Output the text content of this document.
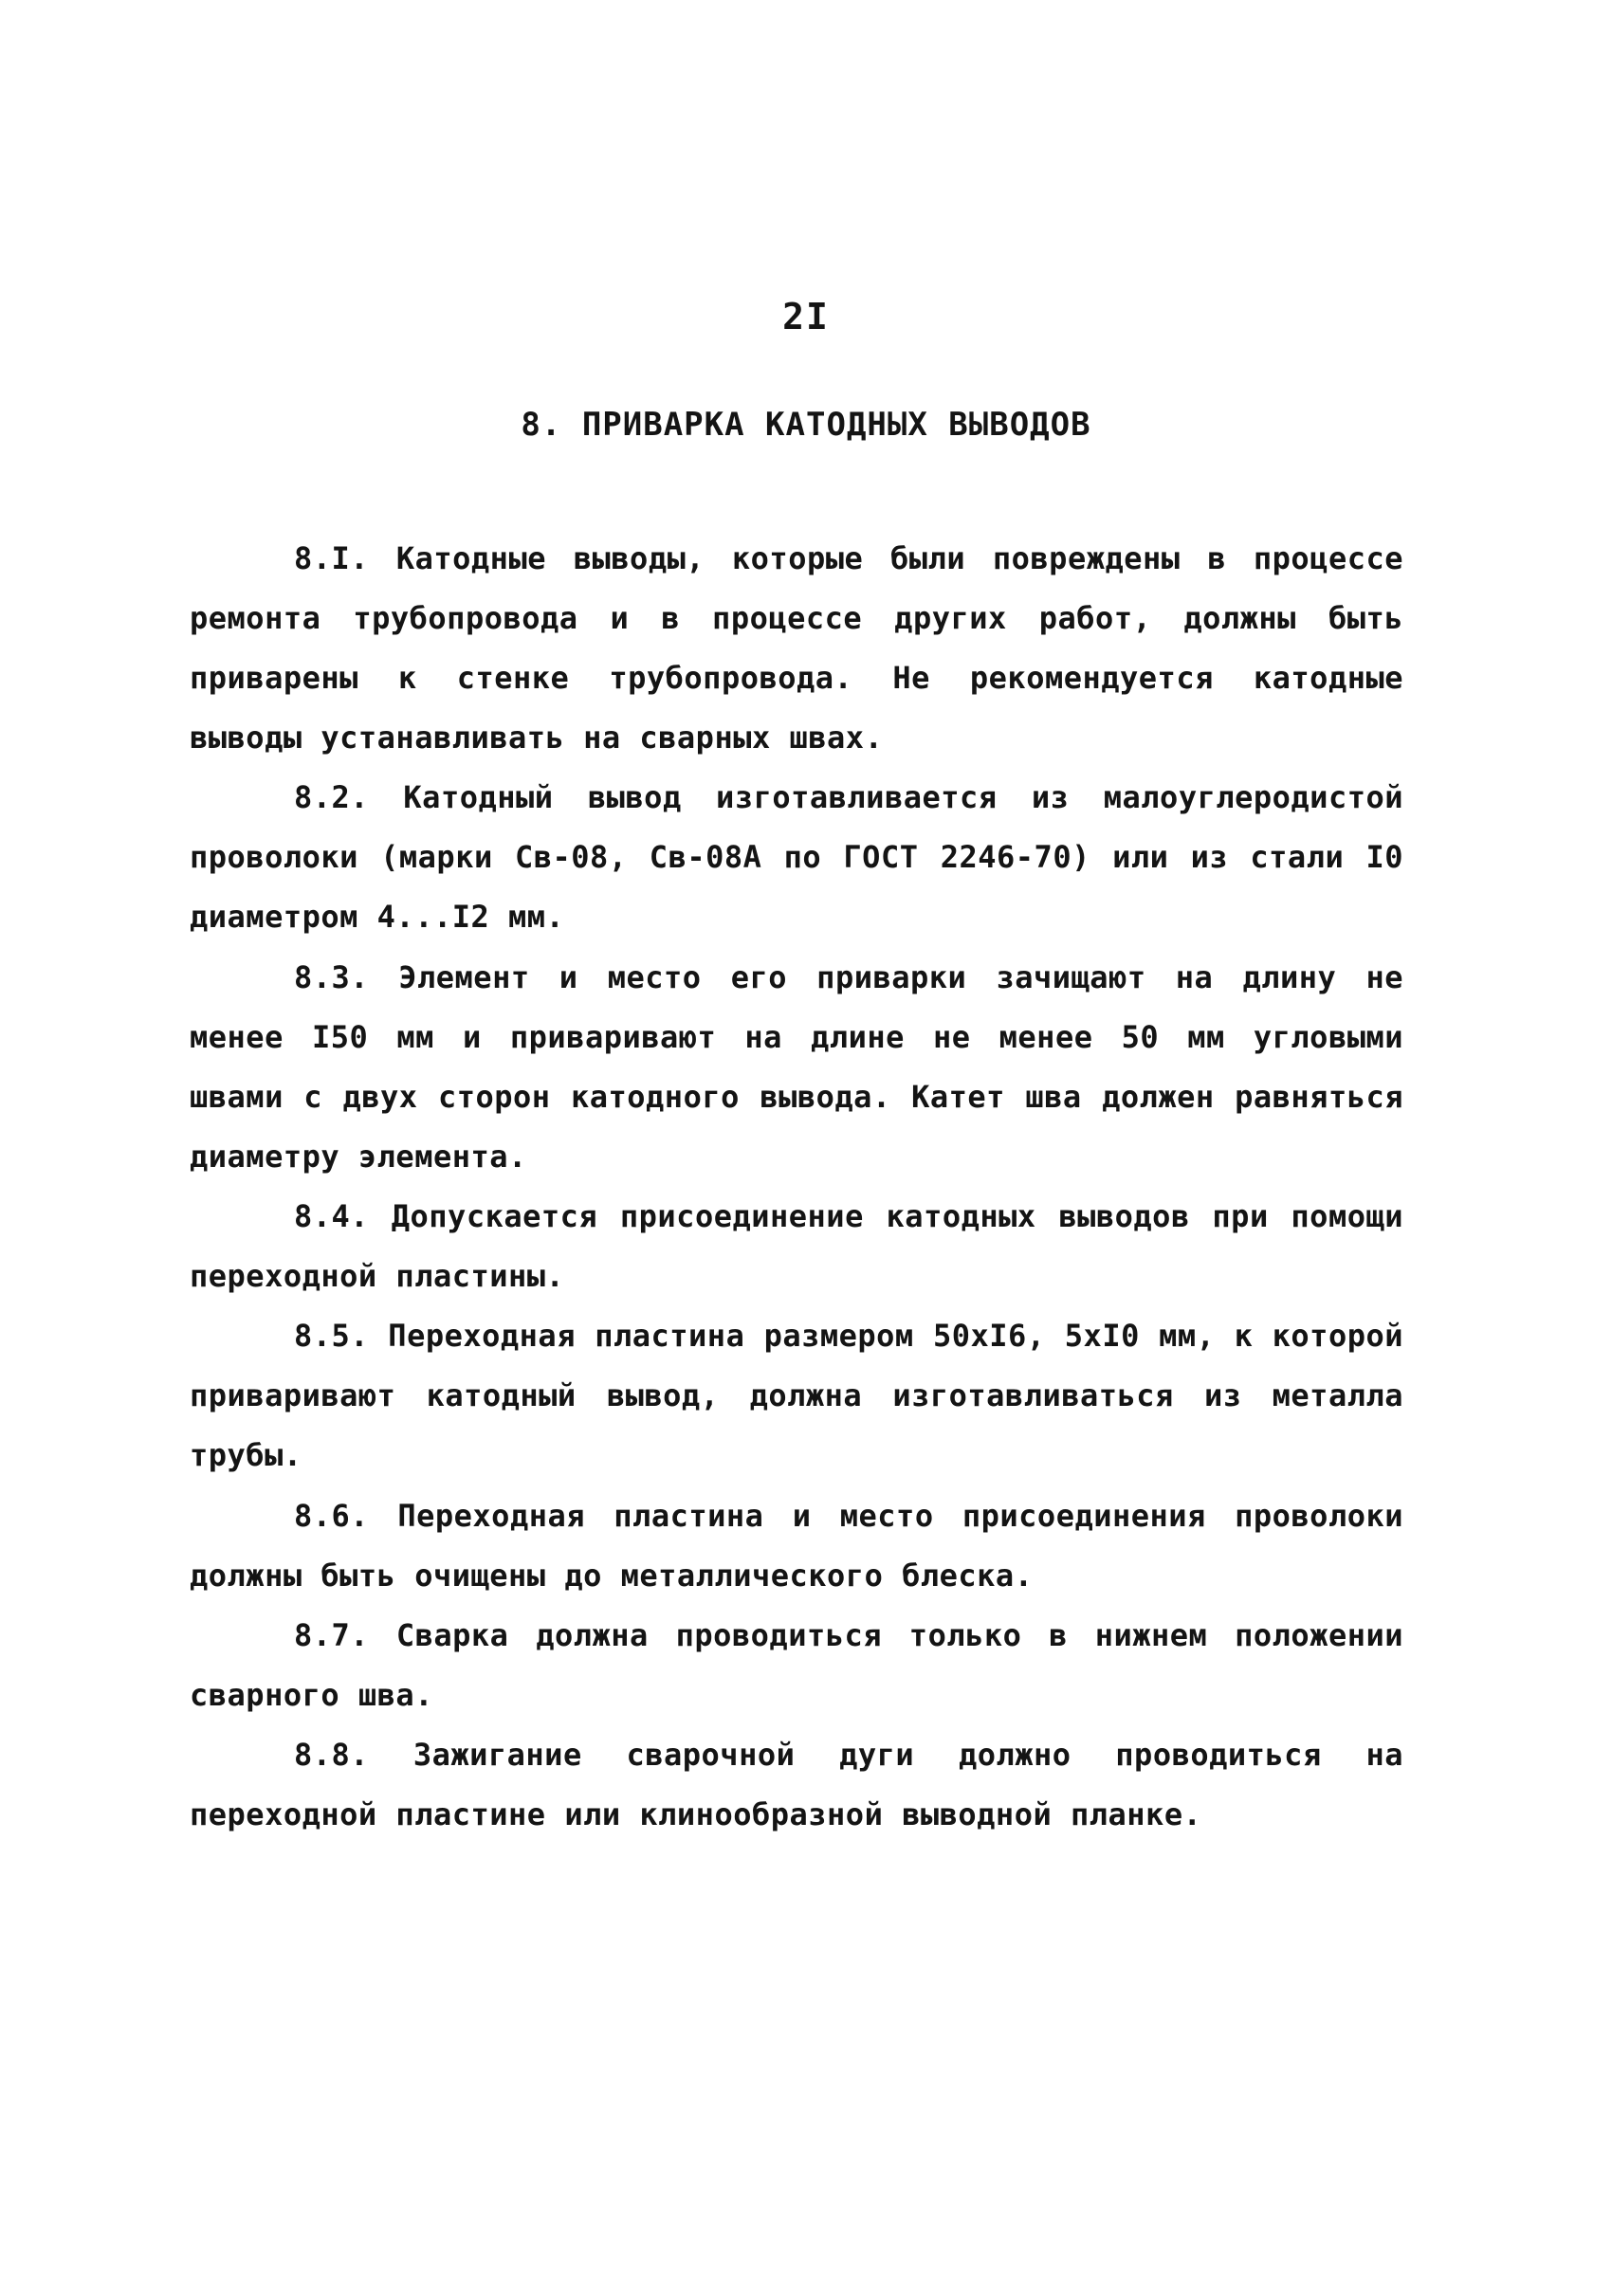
2I
8. ПРИВАРКА КАТОДНЫХ ВЫВОДОВ

8.I. Катодные выводы, которые были повреждены в процессе ремонта трубопровода и в процессе других работ, должны быть приварены к стенке трубопровода. Не рекомендуется катодные выводы устанавливать на сварных швах.

8.2. Катодный вывод изготавливается из малоуглеродистой проволоки (марки Св-08, Св-08А по ГОСТ 2246-70) или из стали I0 диаметром 4...I2 мм.

8.3. Элемент и место его приварки зачищают на длину не менее I50 мм и приваривают на длине не менее 50 мм угловыми швами с двух сторон катодного вывода. Катет шва должен равняться диаметру элемента.

8.4. Допускается присоединение катодных выводов при помощи переходной пластины.

8.5. Переходная пластина размером 50хI6, 5хI0 мм, к которой приваривают катодный вывод, должна изготавливаться из металла трубы.

8.6. Переходная пластина и место присоединения проволоки должны быть очищены до металлического блеска.

8.7. Сварка должна проводиться только в нижнем положении сварного шва.

8.8. Зажигание сварочной дуги должно проводиться на переходной пластине или клинообразной выводной планке.
